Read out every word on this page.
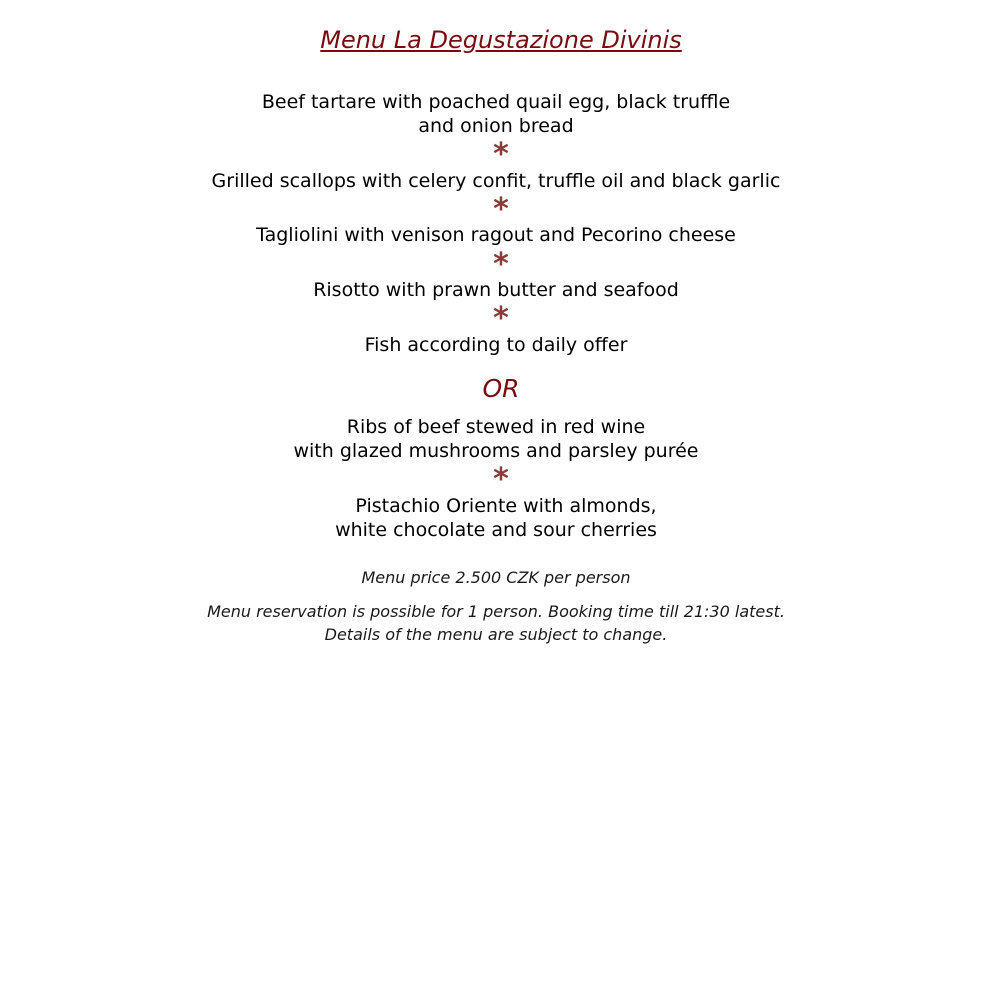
Menu La Degustazione Divinis
Beef tartare with poached quail egg, black truffle
and onion bread
*
Grilled scallops with celery confit, truffle oil and black garlic
*
Tagliolini with venison ragout and Pecorino cheese
*
Risotto with prawn butter and seafood
*
Fish according to daily offer
OR
Ribs of beef stewed in red wine
with glazed mushrooms and parsley purée
*
Pistachio Oriente with almonds,
white chocolate and sour cherries
Menu price 2.500 CZK per person
Menu reservation is possible for 1 person. Booking time till 21:30 latest.
Details of the menu are subject to change.
